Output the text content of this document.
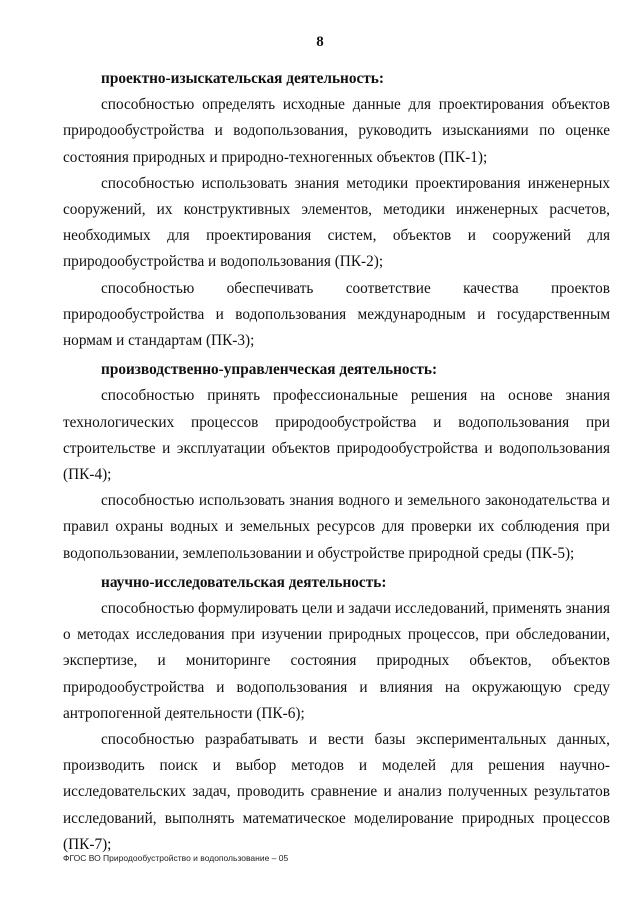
8

проектно-изыскательская деятельность:

способностью определять исходные данные для проектирования объектов природообустройства и водопользования, руководить изысканиями по оценке состояния природных и природно-техногенных объектов (ПК-1);

способностью использовать знания методики проектирования инженерных сооружений, их конструктивных элементов, методики инженерных расчетов, необходимых для проектирования систем, объектов и сооружений для природообустройства и водопользования (ПК-2);

способностью обеспечивать соответствие качества проектов природообустройства и водопользования международным и государственным нормам и стандартам (ПК-3);

производственно-управленческая деятельность:

способностью принять профессиональные решения на основе знания технологических процессов природообустройства и водопользования при строительстве и эксплуатации объектов природообустройства и водопользования (ПК-4);

способностью использовать знания водного и земельного законодательства и правил охраны водных и земельных ресурсов для проверки их соблюдения при водопользовании, землепользовании и обустройстве природной среды (ПК-5);

научно-исследовательская деятельность:

способностью формулировать цели и задачи исследований, применять знания о методах исследования при изучении природных процессов, при обследовании, экспертизе, и мониторинге состояния природных объектов, объектов природообустройства и водопользования и влияния на окружающую среду антропогенной деятельности (ПК-6);

способностью разрабатывать и вести базы экспериментальных данных, производить поиск и выбор методов и моделей для решения научно-исследовательских задач, проводить сравнение и анализ полученных результатов исследований, выполнять математическое моделирование природных процессов (ПК-7);

ФГОС ВО Природообустройство и водопользование – 05
